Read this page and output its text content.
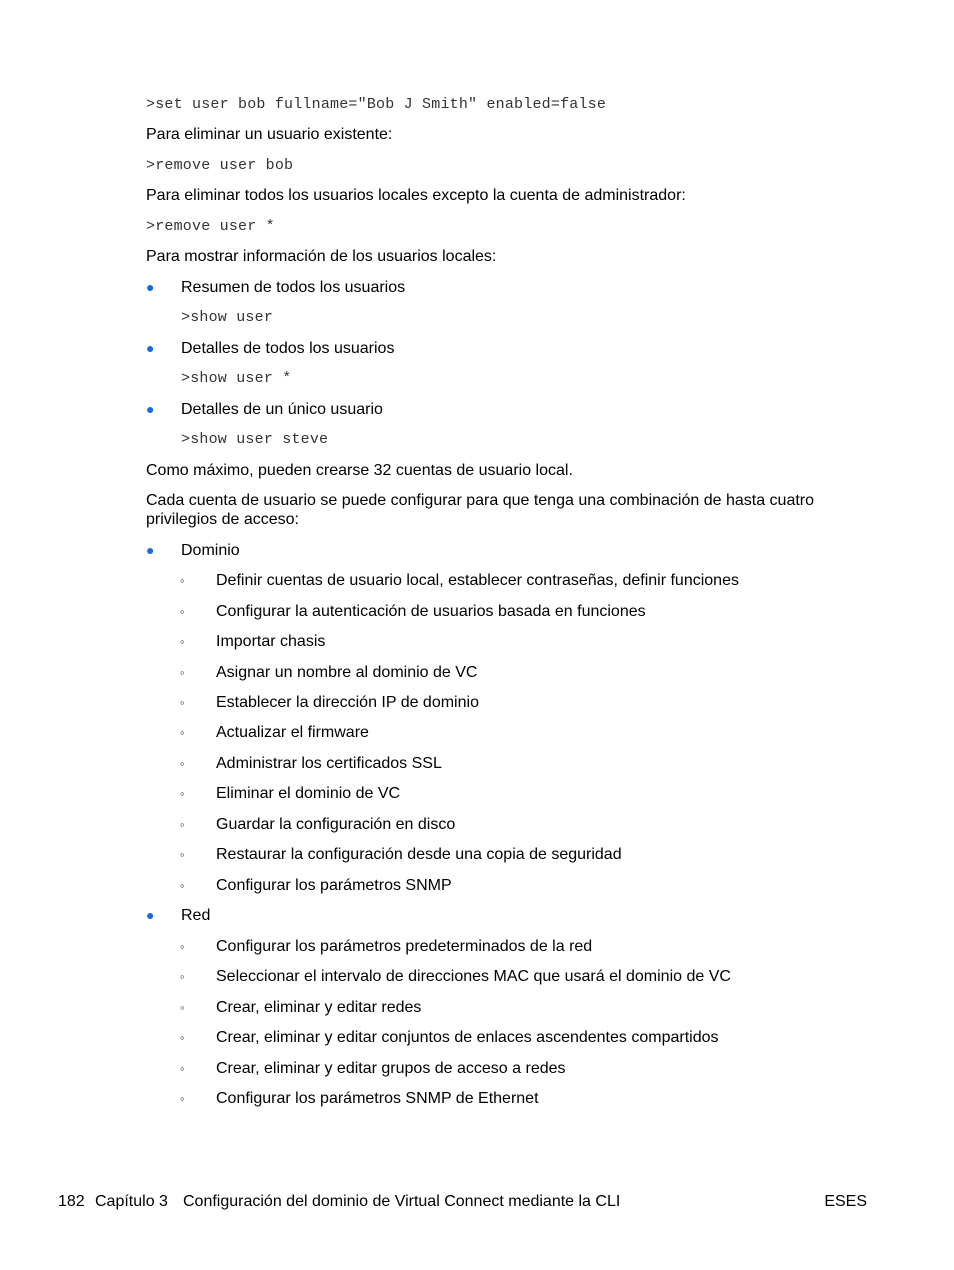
>set user bob fullname="Bob J Smith" enabled=false
Para eliminar un usuario existente:
>remove user bob
Para eliminar todos los usuarios locales excepto la cuenta de administrador:
>remove user *
Para mostrar información de los usuarios locales:
● Resumen de todos los usuarios
>show user
● Detalles de todos los usuarios
>show user *
● Detalles de un único usuario
>show user steve
Como máximo, pueden crearse 32 cuentas de usuario local.
Cada cuenta de usuario se puede configurar para que tenga una combinación de hasta cuatro privilegios de acceso:
● Dominio
◦ Definir cuentas de usuario local, establecer contraseñas, definir funciones
◦ Configurar la autenticación de usuarios basada en funciones
◦ Importar chasis
◦ Asignar un nombre al dominio de VC
◦ Establecer la dirección IP de dominio
◦ Actualizar el firmware
◦ Administrar los certificados SSL
◦ Eliminar el dominio de VC
◦ Guardar la configuración en disco
◦ Restaurar la configuración desde una copia de seguridad
◦ Configurar los parámetros SNMP
● Red
◦ Configurar los parámetros predeterminados de la red
◦ Seleccionar el intervalo de direcciones MAC que usará el dominio de VC
◦ Crear, eliminar y editar redes
◦ Crear, eliminar y editar conjuntos de enlaces ascendentes compartidos
◦ Crear, eliminar y editar grupos de acceso a redes
◦ Configurar los parámetros SNMP de Ethernet
182 Capítulo 3 Configuración del dominio de Virtual Connect mediante la CLI	ESES
